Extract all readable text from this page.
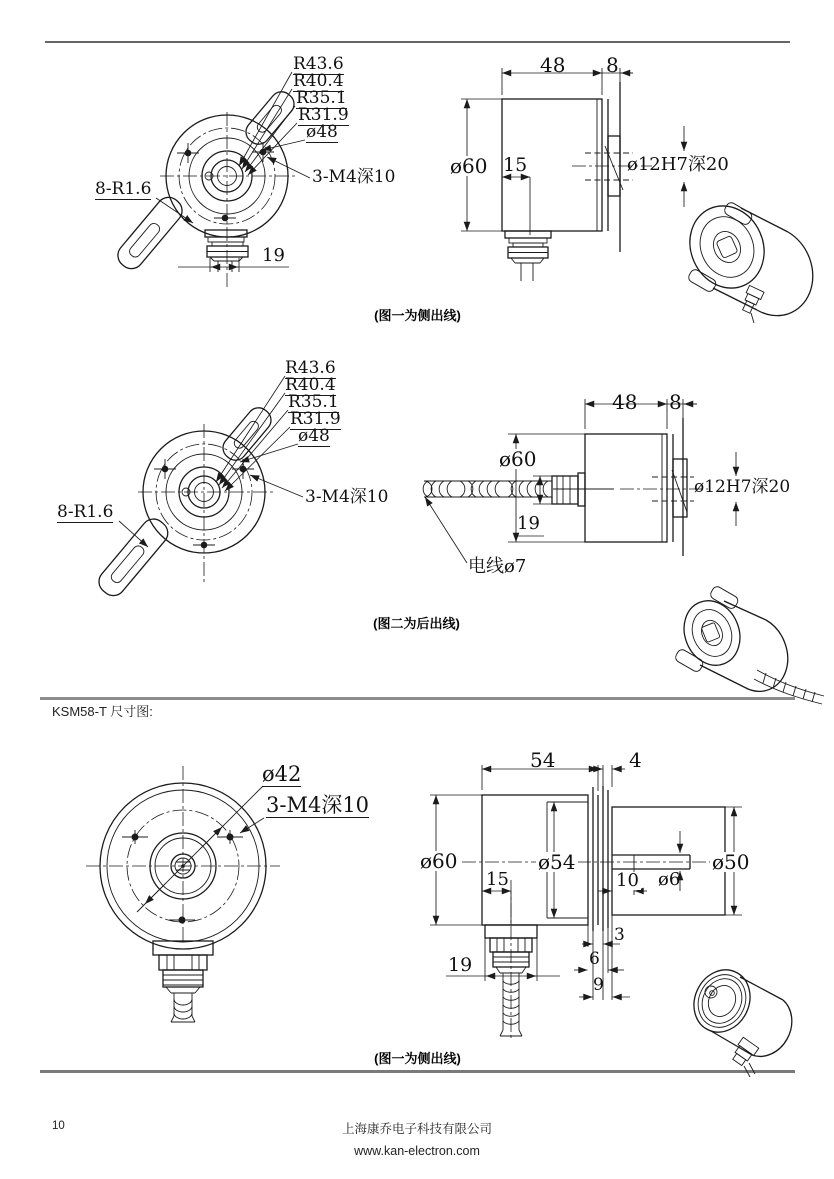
R43.6
R40.4
R35.1
R31.9
ø48
3-M4深10
8-R1.6
19
48 8
ø60 15	ø12H7深20
(图一为侧出线)
R43.6
R40.4
R35.1
R31.9
ø48
3-M4深10
8-R1.6
48 8
ø60
19
ø12H7深20
电线ø7
(图二为后出线)
KSM58-T 尺寸图:
ø42
3-M4深10
54	4
ø60	ø54	ø50
15	10 ø6
3
6
9
19
(图一为侧出线)
10	上海康乔电子科技有限公司
www.kan-electron.com
